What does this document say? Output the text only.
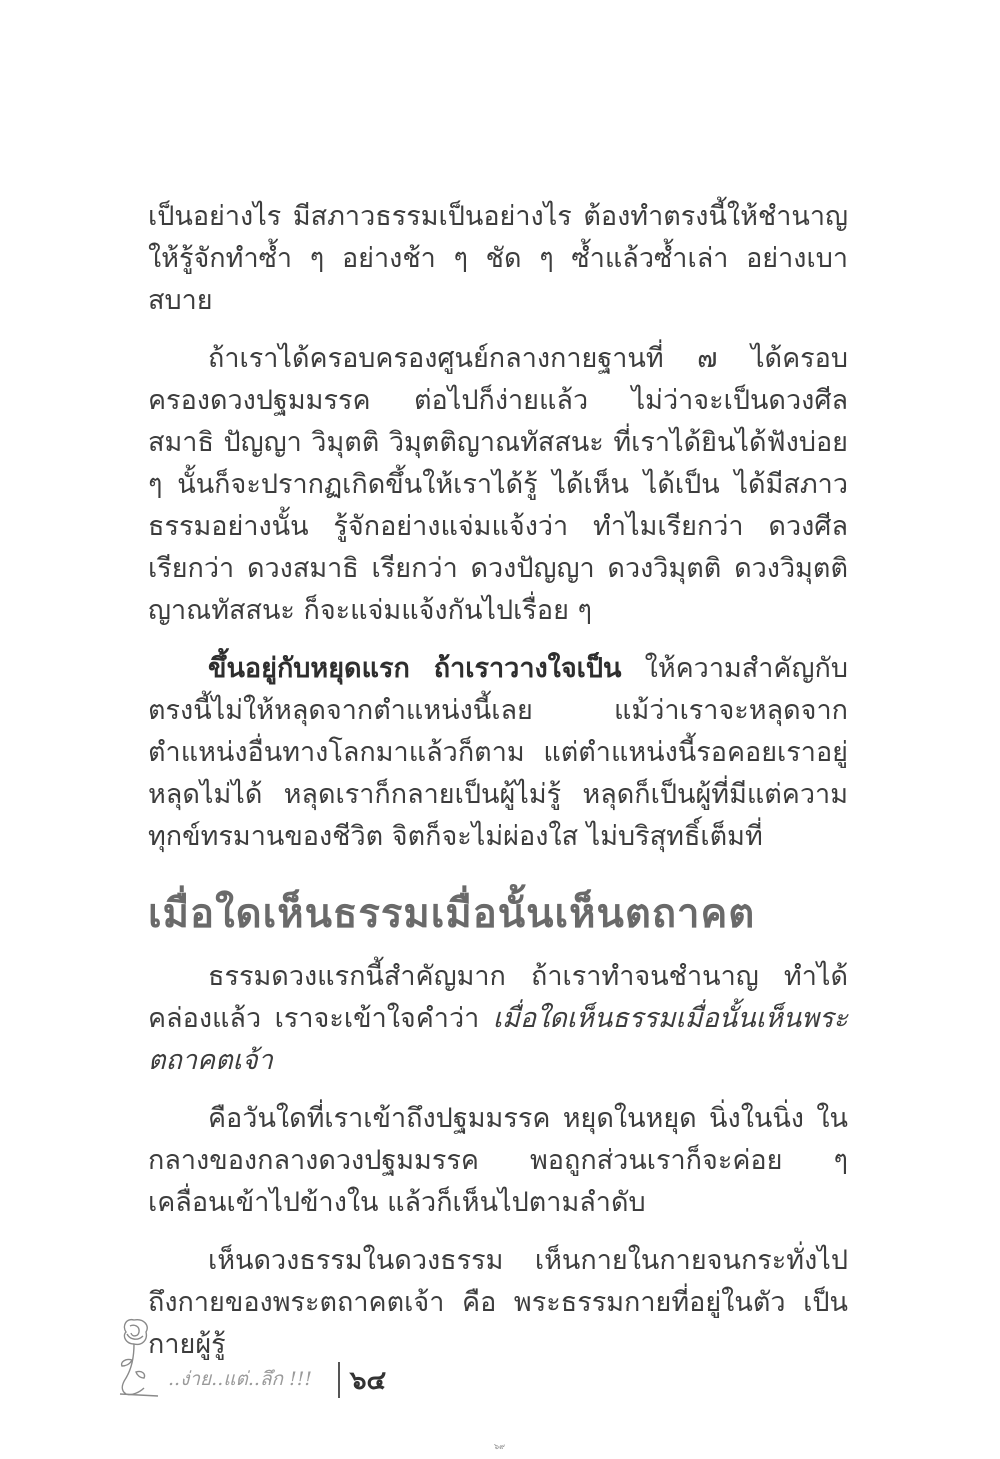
เป็นอย่างไร มีสภาวธรรมเป็นอย่างไร ต้องทำตรงนี้ให้ชำนาญ ให้รู้จักทำซ้ำ ๆ อย่างช้า ๆ ชัด ๆ ซ้ำแล้วซ้ำเล่า อย่างเบาสบาย

ถ้าเราได้ครอบครองศูนย์กลางกายฐานที่ ๗ ได้ครอบครองดวงปฐมมรรค ต่อไปก็ง่ายแล้ว ไม่ว่าจะเป็นดวงศีล สมาธิ ปัญญา วิมุตติ วิมุตติญาณทัสสนะ ที่เราได้ยินได้ฟังบ่อย ๆ นั้นก็จะปรากฏเกิดขึ้นให้เราได้รู้ ได้เห็น ได้เป็น ได้มีสภาวธรรมอย่างนั้น รู้จักอย่างแจ่มแจ้งว่า ทำไมเรียกว่า ดวงศีล เรียกว่า ดวงสมาธิ เรียกว่า ดวงปัญญา ดวงวิมุตติ ดวงวิมุตติญาณทัสสนะ ก็จะแจ่มแจ้งกันไปเรื่อย ๆ

ขึ้นอยู่กับหยุดแรก ถ้าเราวางใจเป็น ให้ความสำคัญกับตรงนี้ไม่ให้หลุดจากตำแหน่งนี้เลย แม้ว่าเราจะหลุดจากตำแหน่งอื่นทางโลกมาแล้วก็ตาม แต่ตำแหน่งนี้รอคอยเราอยู่ หลุดไม่ได้ หลุดเราก็กลายเป็นผู้ไม่รู้ หลุดก็เป็นผู้ที่มีแต่ความทุกข์ทรมานของชีวิต จิตก็จะไม่ผ่องใส ไม่บริสุทธิ์เต็มที่

เมื่อใดเห็นธรรมเมื่อนั้นเห็นตถาคต

ธรรมดวงแรกนี้สำคัญมาก ถ้าเราทำจนชำนาญ ทำได้คล่องแล้ว เราจะเข้าใจคำว่า เมื่อใดเห็นธรรมเมื่อนั้นเห็นพระตถาคตเจ้า

คือวันใดที่เราเข้าถึงปฐมมรรค หยุดในหยุด นิ่งในนิ่ง ในกลางของกลางดวงปฐมมรรค พอถูกส่วนเราก็จะค่อย ๆ เคลื่อนเข้าไปข้างใน แล้วก็เห็นไปตามลำดับ

เห็นดวงธรรมในดวงธรรม เห็นกายในกายจนกระทั่งไปถึงกายของพระตถาคตเจ้า คือ พระธรรมกายที่อยู่ในตัว เป็นกายผู้รู้

..ง่าย..แต่..ลึก !!! ๖๔
๖๙
